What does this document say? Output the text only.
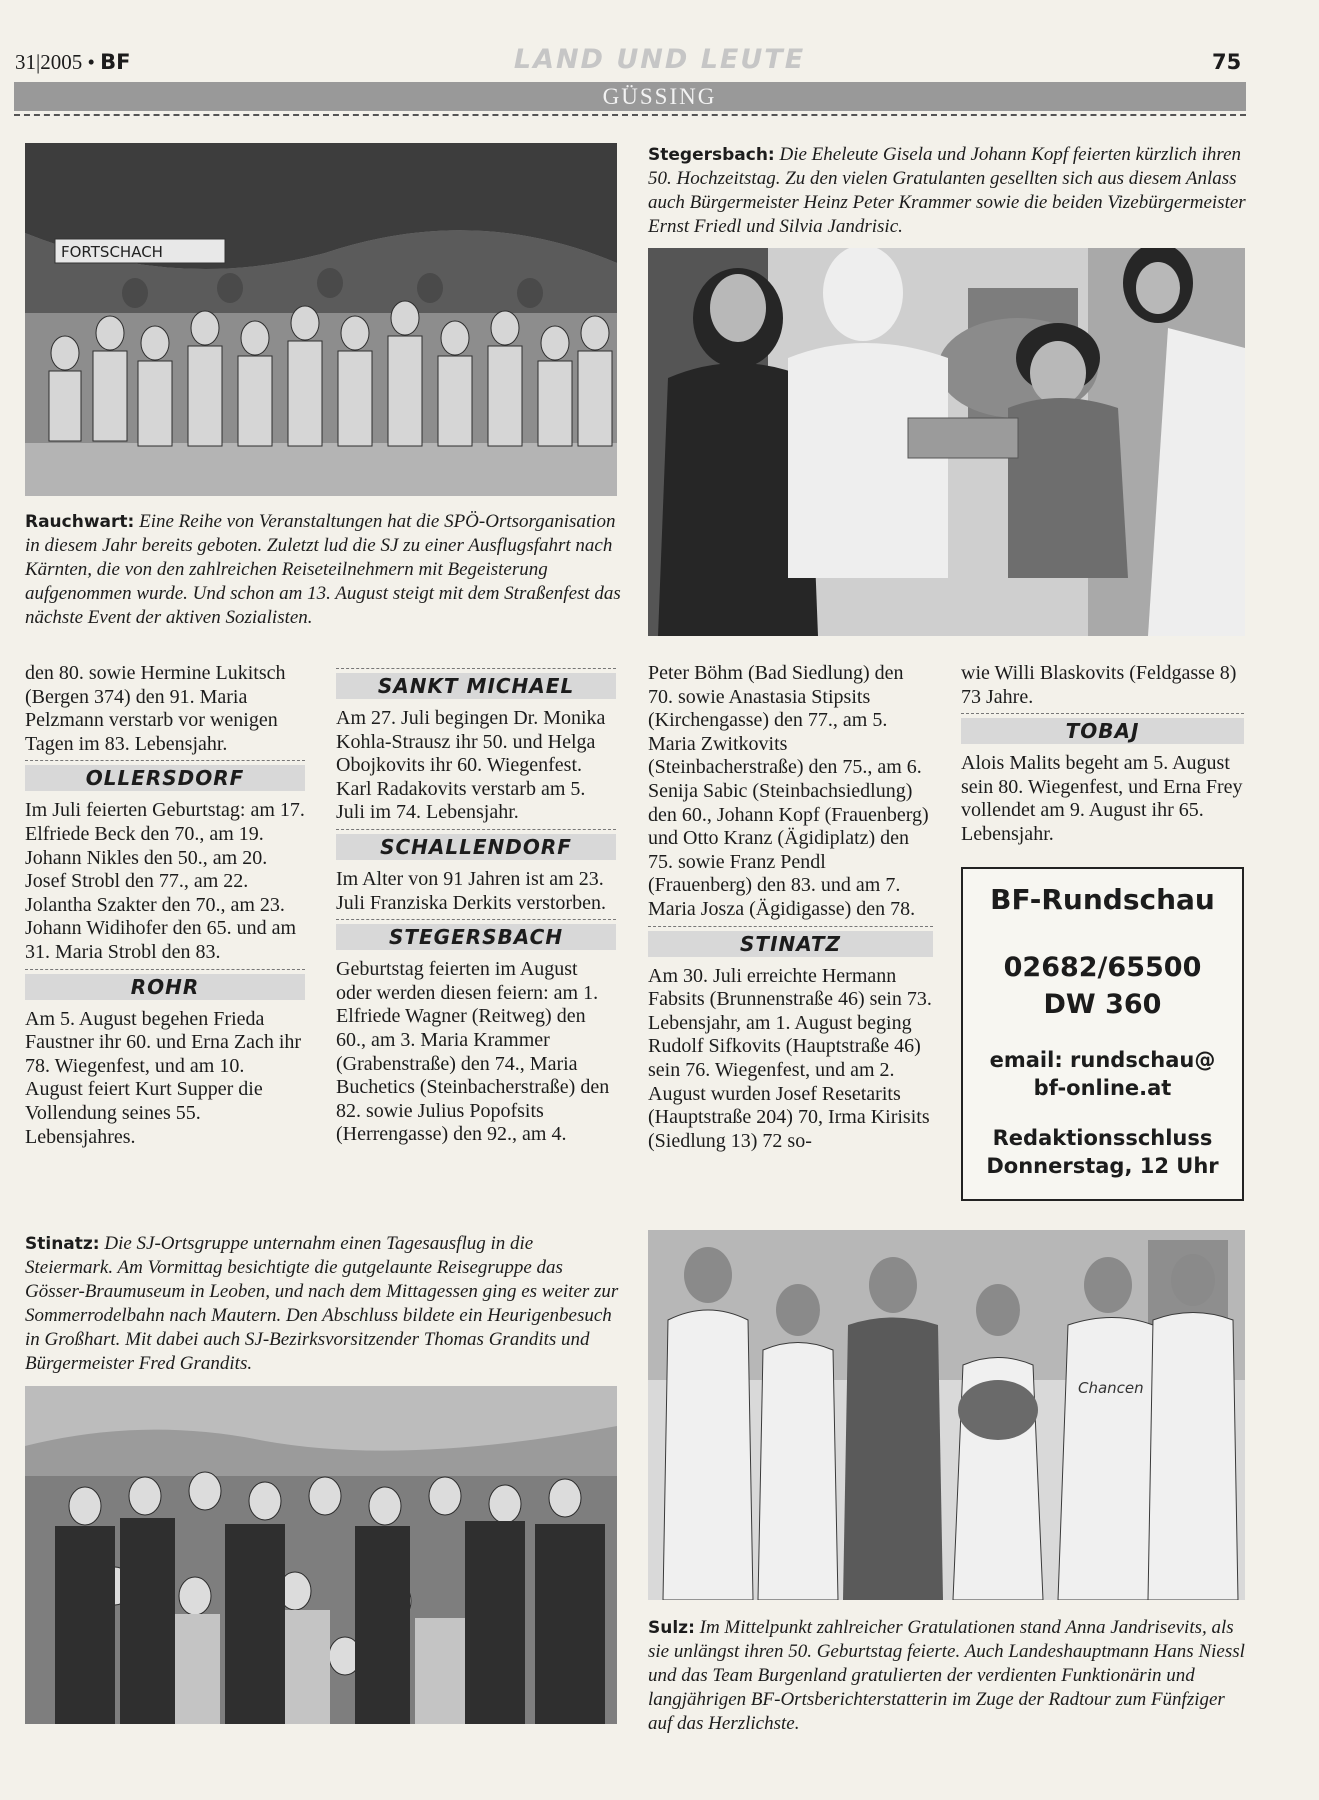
31|2005 • BF	LAND UND LEUTE	75
GÜSSING
FORTSCHACH
Stegersbach: Die Eheleute Gisela und Johann Kopf feierten kürzlich ihren 50. Hochzeitstag. Zu den vielen Gratulanten gesellten sich aus diesem Anlass auch Bürgermeister Heinz Peter Krammer sowie die beiden Vizebürgermeister Ernst Friedl und Silvia Jandrisic.
Rauchwart: Eine Reihe von Veranstaltungen hat die SPÖ-Ortsorganisation in diesem Jahr bereits geboten. Zuletzt lud die SJ zu einer Ausflugsfahrt nach Kärnten, die von den zahlreichen Reiseteilnehmern mit Begeisterung aufgenommen wurde. Und schon am 13. August steigt mit dem Straßenfest das nächste Event der aktiven Sozialisten.

den 80. sowie Hermine Lukitsch (Bergen 374) den 91. Maria Pelzmann verstarb vor wenigen Tagen im 83. Lebensjahr.

OLLERSDORF

Im Juli feierten Geburtstag: am 17. Elfriede Beck den 70., am 19. Johann Nikles den 50., am 20. Josef Strobl den 77., am 22. Jolantha Szakter den 70., am 23. Johann Widihofer den 65. und am 31. Maria Strobl den 83.

ROHR

Am 5. August begehen Frieda Faustner ihr 60. und Erna Zach ihr 78. Wiegenfest, und am 10. August feiert Kurt Supper die Vollendung seines 55. Lebensjahres.

SANKT MICHAEL

Am 27. Juli begingen Dr. Monika Kohla-Strausz ihr 50. und Helga Obojkovits ihr 60. Wiegenfest.

Karl Radakovits verstarb am 5. Juli im 74. Lebensjahr.

SCHALLENDORF

Im Alter von 91 Jahren ist am 23. Juli Franziska Derkits verstorben.

STEGERSBACH

Geburtstag feierten im August oder werden diesen feiern: am 1. Elfriede Wagner (Reitweg) den 60., am 3. Maria Krammer (Grabenstraße) den 74., Maria Buchetics (Steinbacherstraße) den 82. sowie Julius Popofsits (Herrengasse) den 92., am 4.

Peter Böhm (Bad Siedlung) den 70. sowie Anastasia Stipsits (Kirchengasse) den 77., am 5. Maria Zwitkovits (Steinbacherstraße) den 75., am 6. Senija Sabic (Steinbachsiedlung) den 60., Johann Kopf (Frauenberg) und Otto Kranz (Ägidiplatz) den 75. sowie Franz Pendl (Frauenberg) den 83. und am 7. Maria Josza (Ägidigasse) den 78.

STINATZ

Am 30. Juli erreichte Hermann Fabsits (Brunnenstraße 46) sein 73. Lebensjahr, am 1. August beging Rudolf Sifkovits (Hauptstraße 46) sein 76. Wiegenfest, und am 2. August wurden Josef Resetarits (Hauptstraße 204) 70, Irma Kirisits (Siedlung 13) 72 so-

wie Willi Blaskovits (Feldgasse 8) 73 Jahre.

TOBAJ

Alois Malits begeht am 5. August sein 80. Wiegenfest, und Erna Frey vollendet am 9. August ihr 65. Lebensjahr.

BF-Rundschau
02682/65500
DW 360
email: rundschau@
bf-online.at
Redaktionsschluss
Donnerstag, 12 Uhr
Stinatz: Die SJ-Ortsgruppe unternahm einen Tagesausflug in die Steiermark. Am Vormittag besichtigte die gutgelaunte Reisegruppe das Gösser-Braumuseum in Leoben, und nach dem Mittagessen ging es weiter zur Sommerrodelbahn nach Mautern. Den Abschluss bildete ein Heurigenbesuch in Großhart. Mit dabei auch SJ-Bezirksvorsitzender Thomas Grandits und Bürgermeister Fred Grandits.
Chancen
Sulz: Im Mittelpunkt zahlreicher Gratulationen stand Anna Jandrisevits, als sie unlängst ihren 50. Geburtstag feierte. Auch Landeshauptmann Hans Niessl und das Team Burgenland gratulierten der verdienten Funktionärin und langjährigen BF-Ortsberichterstatterin im Zuge der Radtour zum Fünfziger auf das Herzlichste.
